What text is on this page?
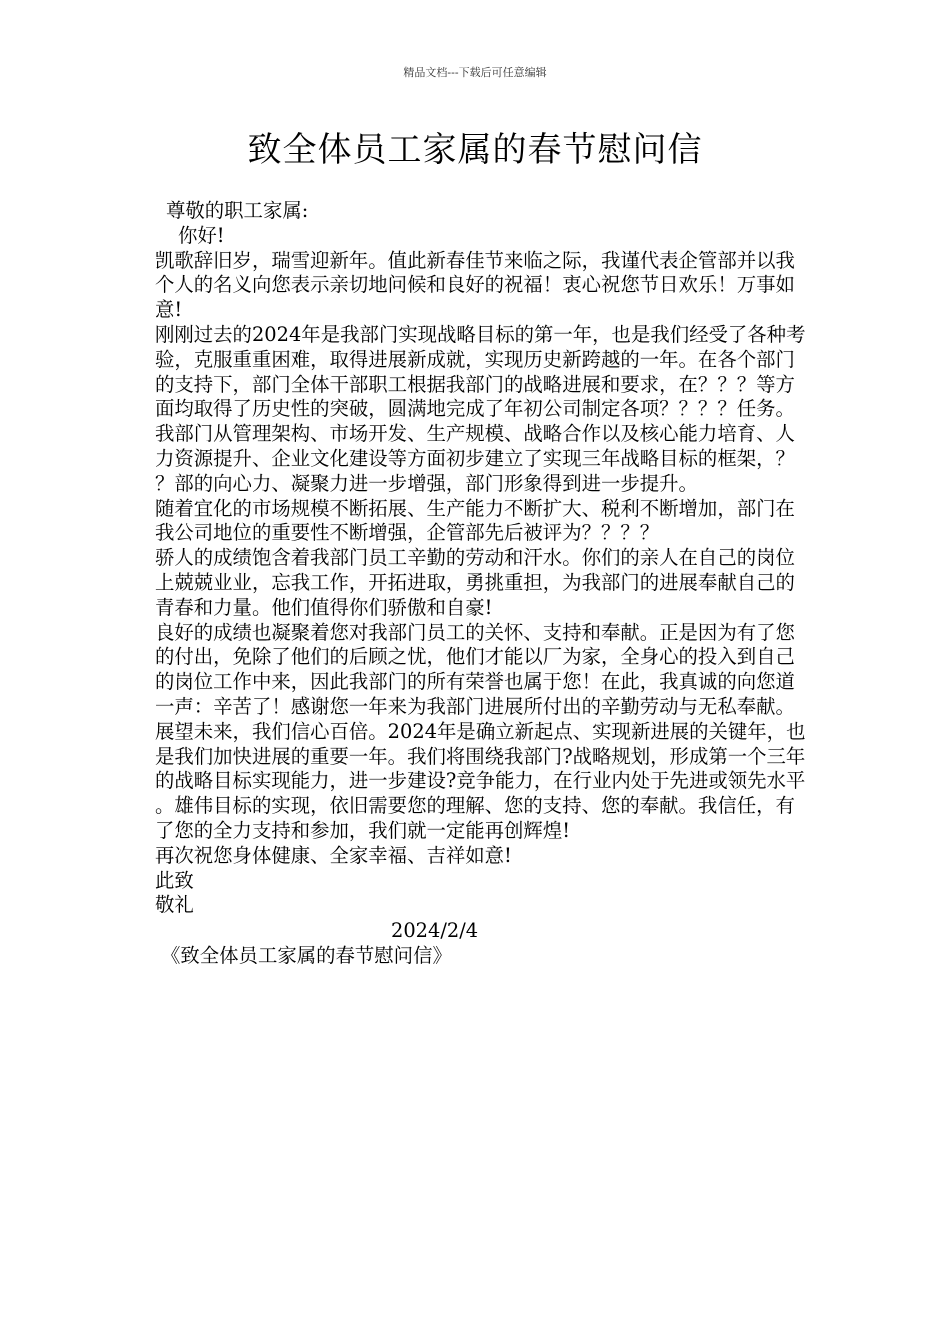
精品文档---下载后可任意编辑
致全体员工家属的春节慰问信

尊敬的职工家属:

你好!

凯歌辞旧岁，瑞雪迎新年。值此新春佳节来临之际，我谨代表企管部并以我个人的名义向您表示亲切地问候和良好的祝福！衷心祝您节日欢乐！万事如意!

刚刚过去的2024年是我部门实现战略目标的第一年，也是我们经受了各种考验，克服重重困难，取得进展新成就，实现历史新跨越的一年。在各个部门的支持下，部门全体干部职工根据我部门的战略进展和要求，在？？？等方面均取得了历史性的突破，圆满地完成了年初公司制定各项？？？？任务。我部门从管理架构、市场开发、生产规模、战略合作以及核心能力培育、人力资源提升、企业文化建设等方面初步建立了实现三年战略目标的框架，？？部的向心力、凝聚力进一步增强，部门形象得到进一步提升。

随着宜化的市场规模不断拓展、生产能力不断扩大、税利不断增加，部门在我公司地位的重要性不断增强，企管部先后被评为？？？？

骄人的成绩饱含着我部门员工辛勤的劳动和汗水。你们的亲人在自己的岗位上兢兢业业，忘我工作，开拓进取，勇挑重担，为我部门的进展奉献自己的青春和力量。他们值得你们骄傲和自豪!

良好的成绩也凝聚着您对我部门员工的关怀、支持和奉献。正是因为有了您的付出，免除了他们的后顾之忧，他们才能以厂为家，全身心的投入到自己的岗位工作中来，因此我部门的所有荣誉也属于您！在此，我真诚的向您道一声：辛苦了！感谢您一年来为我部门进展所付出的辛勤劳动与无私奉献。

展望未来，我们信心百倍。2024年是确立新起点、实现新进展的关键年，也是我们加快进展的重要一年。我们将围绕我部门?战略规划，形成第一个三年的战略目标实现能力，进一步建设?竞争能力，在行业内处于先进或领先水平。雄伟目标的实现，依旧需要您的理解、您的支持、您的奉献。我信任，有了您的全力支持和参加，我们就一定能再创辉煌!

再次祝您身体健康、全家幸福、吉祥如意!

此致

敬礼

2024/2/4

《致全体员工家属的春节慰问信》
